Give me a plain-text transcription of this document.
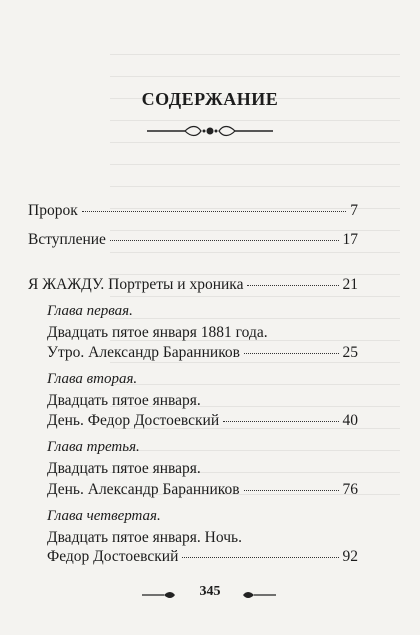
СОДЕРЖАНИЕ
Пророк	7
Вступление	17
Я ЖАЖДУ. Портреты и хроника	21
Глава первая.
Двадцать пятое января 1881 года.
Утро. Александр Баранников	25
Глава вторая.
Двадцать пятое января.
День. Федор Достоевский	40
Глава третья.
Двадцать пятое января.
День. Александр Баранников	76
Глава четвертая.
Двадцать пятое января. Ночь.
Федор Достоевский	92
345
